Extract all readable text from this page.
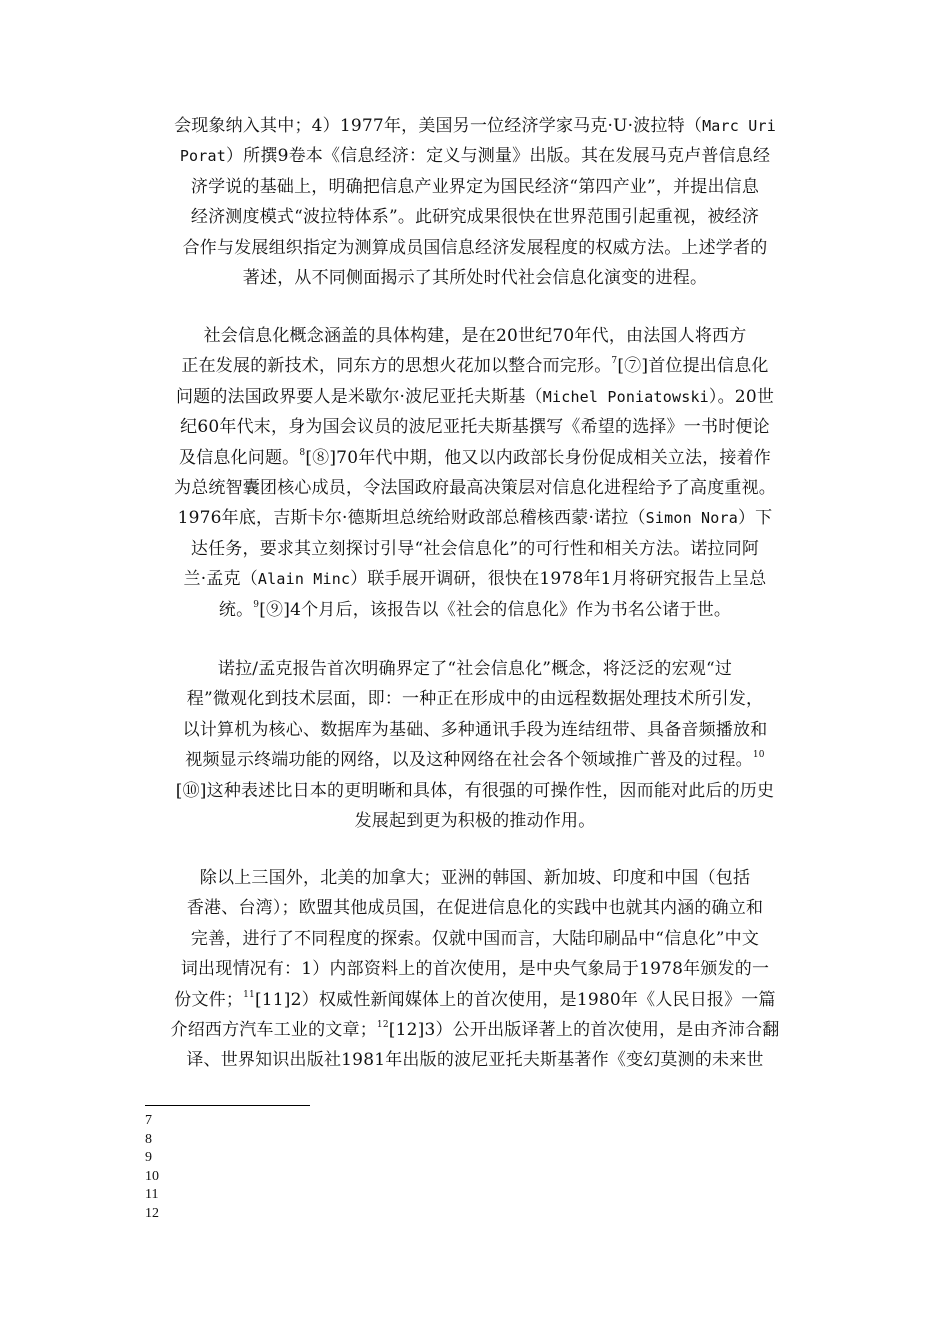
会现象纳入其中；4）1977年，美国另一位经济学家马克·U·波拉特（Marc Uri
Porat）所撰9卷本《信息经济：定义与测量》出版。其在发展马克卢普信息经
济学说的基础上，明确把信息产业界定为国民经济“第四产业”，并提出信息
经济测度模式“波拉特体系”。此研究成果很快在世界范围引起重视，被经济
合作与发展组织指定为测算成员国信息经济发展程度的权威方法。上述学者的
著述，从不同侧面揭示了其所处时代社会信息化演变的进程。
社会信息化概念涵盖的具体构建，是在20世纪70年代，由法国人将西方
正在发展的新技术，同东方的思想火花加以整合而完形。$^7$[⑦]首位提出信息化
问题的法国政界要人是米歇尔·波尼亚托夫斯基（Michel Poniatowski）。20世
纪60年代末，身为国会议员的波尼亚托夫斯基撰写《希望的选择》一书时便论
及信息化问题。$^8$[⑧]70年代中期，他又以内政部长身份促成相关立法，接着作
为总统智囊团核心成员，令法国政府最高决策层对信息化进程给予了高度重视。
1976年底，吉斯卡尔·德斯坦总统给财政部总稽核西蒙·诺拉（Simon Nora）下
达任务，要求其立刻探讨引导“社会信息化”的可行性和相关方法。诺拉同阿
兰·孟克（Alain Minc）联手展开调研，很快在1978年1月将研究报告上呈总
统。$^9$[⑨]4个月后，该报告以《社会的信息化》作为书名公诸于世。
诺拉/孟克报告首次明确界定了“社会信息化”概念，将泛泛的宏观“过
程”微观化到技术层面，即：一种正在形成中的由远程数据处理技术所引发，
以计算机为核心、数据库为基础、多种通讯手段为连结纽带、具备音频播放和
视频显示终端功能的网络，以及这种网络在社会各个领域推广普及的过程。$^{10}$
[⑩]这种表述比日本的更明晰和具体，有很强的可操作性，因而能对此后的历史
发展起到更为积极的推动作用。
除以上三国外，北美的加拿大；亚洲的韩国、新加坡、印度和中国（包括
香港、台湾）；欧盟其他成员国，在促进信息化的实践中也就其内涵的确立和
完善，进行了不同程度的探索。仅就中国而言，大陆印刷品中“信息化”中文
词出现情况有：1）内部资料上的首次使用，是中央气象局于1978年颁发的一
份文件；$^{11}$[11]2）权威性新闻媒体上的首次使用，是1980年《人民日报》一篇
介绍西方汽车工业的文章；$^{12}$[12]3）公开出版译著上的首次使用，是由齐沛合翻
译、世界知识出版社1981年出版的波尼亚托夫斯基著作《变幻莫测的未来世
7
8
9
10
11
12
